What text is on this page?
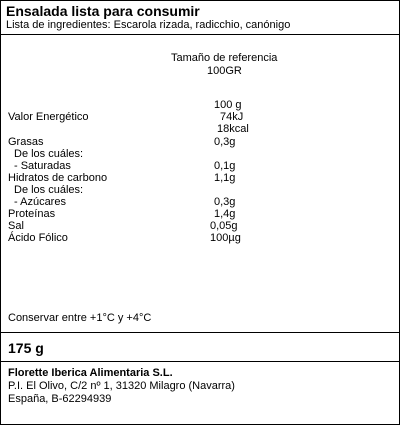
Ensalada lista para consumir
Lista de ingredientes: Escarola rizada, radicchio, canónigo
Tamaño de referencia
100GR
100 g
Valor Energético	74kJ
18kcal
Grasas	0,3g
De los cuáles:
- Saturadas	0,1g
Hidratos de carbono	1,1g
De los cuáles:
- Azúcares	0,3g
Proteínas	1,4g
Sal	0,05g
Ácido Fólico	100µg
Conservar entre +1°C y +4°C
175 g
Florette Iberica Alimentaria S.L.
P.I. El Olivo, C/2 nº 1, 31320 Milagro (Navarra)
España, B-62294939
